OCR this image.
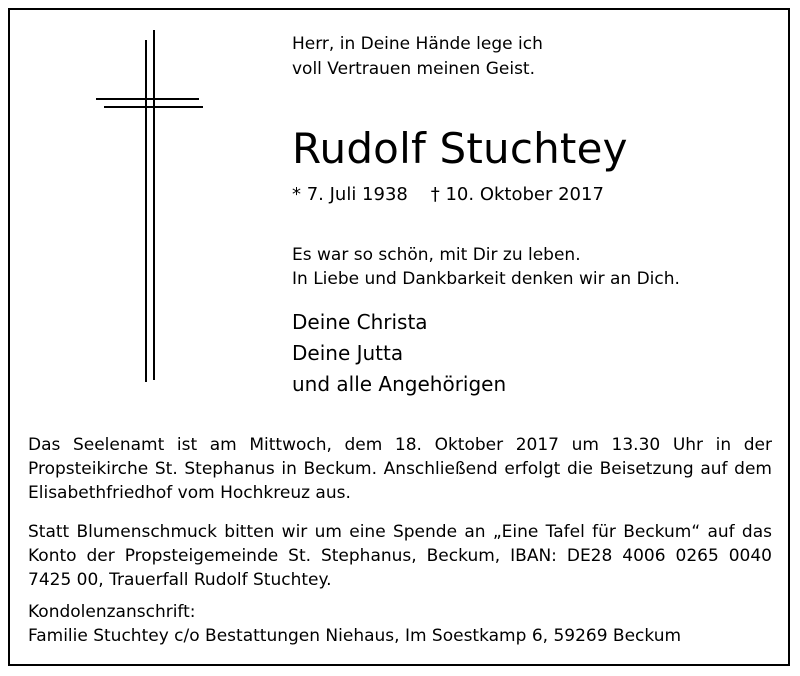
Herr, in Deine Hände lege ich
voll Vertrauen meinen Geist.
Rudolf Stuchtey
* 7. Juli 1938    † 10. Oktober 2017
Es war so schön, mit Dir zu leben.
In Liebe und Dankbarkeit denken wir an Dich.
Deine Christa
Deine Jutta
und alle Angehörigen
Das Seelenamt ist am Mittwoch, dem 18. Oktober 2017 um 13.30 Uhr in der Propsteikirche St. Stephanus in Beckum. Anschließend erfolgt die Beisetzung auf dem Elisabethfriedhof vom Hochkreuz aus.
Statt Blumenschmuck bitten wir um eine Spende an „Eine Tafel für Beckum“ auf das Konto der Propsteigemeinde St. Stephanus, Beckum, IBAN: DE28 4006 0265 0040 7425 00, Trauerfall Rudolf Stuchtey.
Kondolenzanschrift:
Familie Stuchtey c/o Bestattungen Niehaus, Im Soestkamp 6, 59269 Beckum
